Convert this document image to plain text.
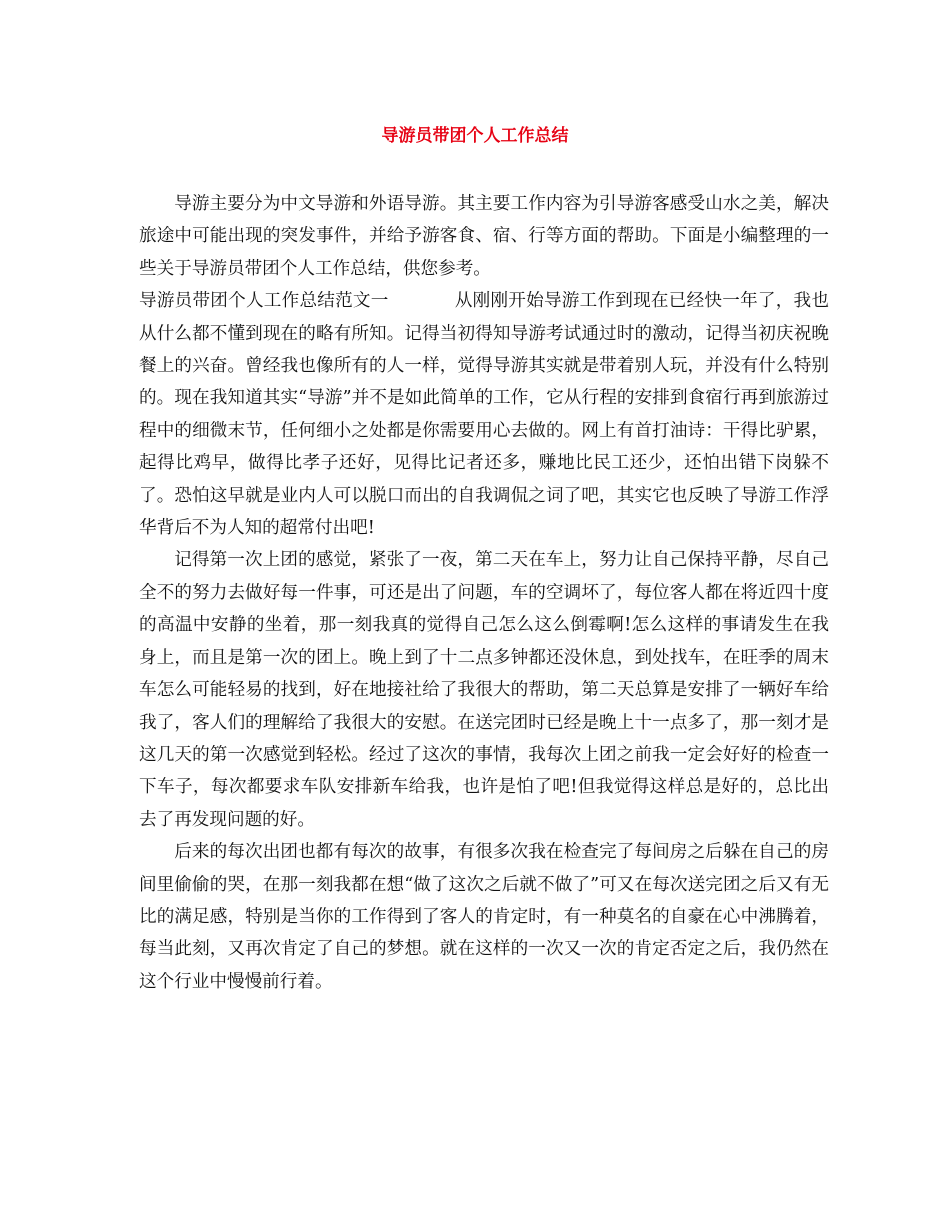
导游员带团个人工作总结

导游主要分为中文导游和外语导游。其主要工作内容为引导游客感受山水之美，解决旅途中可能出现的突发事件，并给予游客食、宿、行等方面的帮助。下面是小编整理的一些关于导游员带团个人工作总结，供您参考。

导游员带团个人工作总结范文一	从刚刚开始导游工作到现在已经快一年了，我也从什么都不懂到现在的略有所知。记得当初得知导游考试通过时的激动，记得当初庆祝晚餐上的兴奋。曾经我也像所有的人一样，觉得导游其实就是带着别人玩，并没有什么特别的。现在我知道其实“导游”并不是如此简单的工作，它从行程的安排到食宿行再到旅游过程中的细微末节，任何细小之处都是你需要用心去做的。网上有首打油诗：干得比驴累，起得比鸡早，做得比孝子还好，见得比记者还多，赚地比民工还少，还怕出错下岗躲不了。恐怕这早就是业内人可以脱口而出的自我调侃之词了吧，其实它也反映了导游工作浮华背后不为人知的超常付出吧!

记得第一次上团的感觉，紧张了一夜，第二天在车上，努力让自己保持平静，尽自己全不的努力去做好每一件事，可还是出了问题，车的空调坏了，每位客人都在将近四十度的高温中安静的坐着，那一刻我真的觉得自己怎么这么倒霉啊!怎么这样的事请发生在我身上，而且是第一次的团上。晚上到了十二点多钟都还没休息，到处找车，在旺季的周末车怎么可能轻易的找到，好在地接社给了我很大的帮助，第二天总算是安排了一辆好车给我了，客人们的理解给了我很大的安慰。在送完团时已经是晚上十一点多了，那一刻才是这几天的第一次感觉到轻松。经过了这次的事情，我每次上团之前我一定会好好的检查一下车子，每次都要求车队安排新车给我，也许是怕了吧!但我觉得这样总是好的，总比出去了再发现问题的好。

后来的每次出团也都有每次的故事，有很多次我在检查完了每间房之后躲在自己的房间里偷偷的哭，在那一刻我都在想“做了这次之后就不做了”可又在每次送完团之后又有无比的满足感，特别是当你的工作得到了客人的肯定时，有一种莫名的自豪在心中沸腾着，每当此刻，又再次肯定了自己的梦想。就在这样的一次又一次的肯定否定之后，我仍然在这个行业中慢慢前行着。
